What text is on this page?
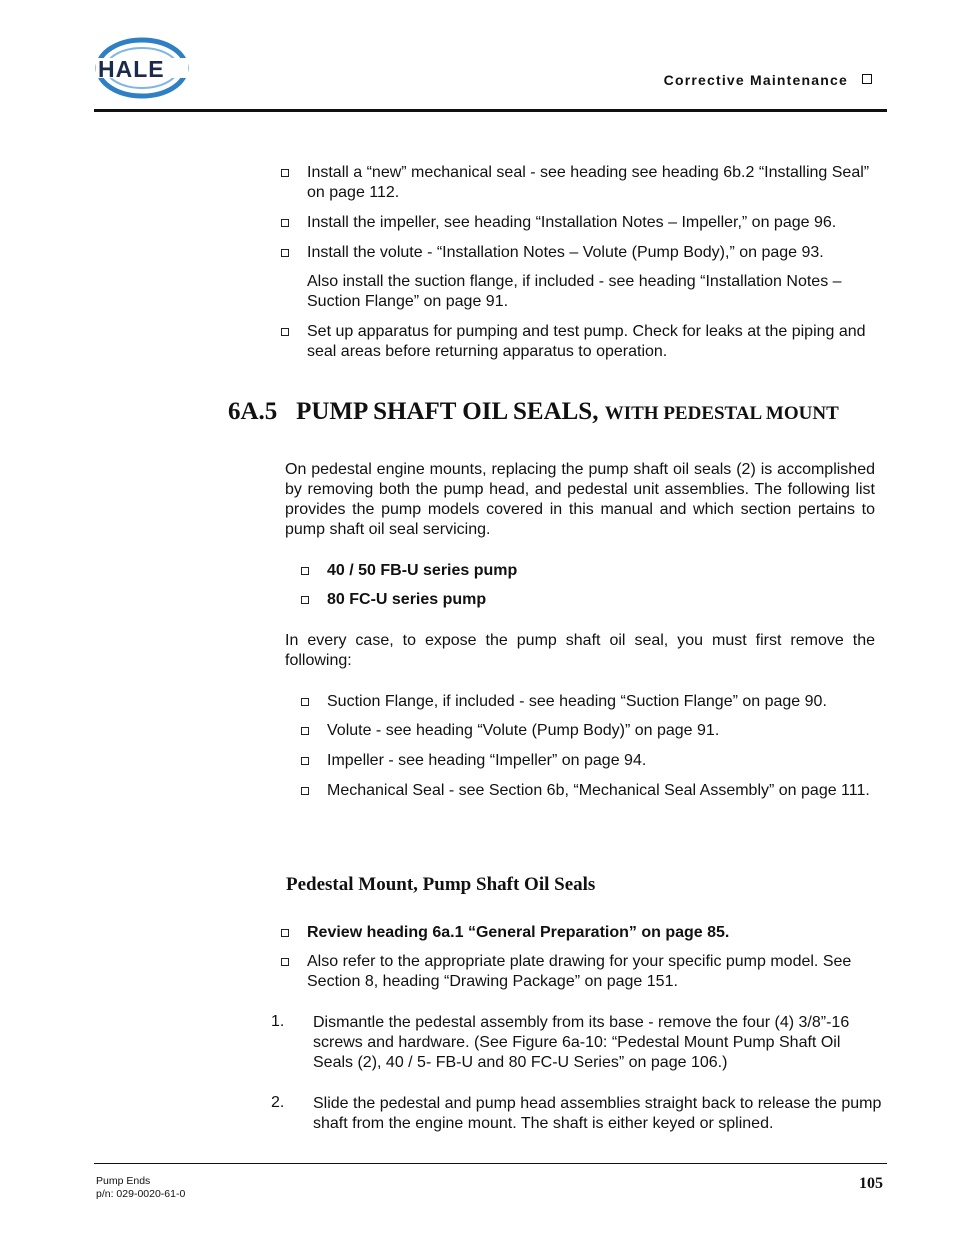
HALE	Corrective Maintenance
Install a “new” mechanical seal - see heading see heading 6b.2 “Installing Seal” on page 112.
Install the impeller, see heading “Installation Notes – Impeller,” on page 96.
Install the volute - “Installation Notes – Volute (Pump Body),” on page 93.
Also install the suction flange, if included - see heading “Installation Notes – Suction Flange” on page 91.
Set up apparatus for pumping and test pump. Check for leaks at the piping and seal areas before returning apparatus to operation.
6A.5 PUMP SHAFT OIL SEALS, WITH PEDESTAL MOUNT
On pedestal engine mounts, replacing the pump shaft oil seals (2) is accomplished by removing both the pump head, and pedestal unit assemblies. The following list provides the pump models covered in this manual and which section pertains to pump shaft oil seal servicing.
40 / 50 FB-U series pump
80 FC-U series pump
In every case, to expose the pump shaft oil seal, you must first remove the following:
Suction Flange, if included - see heading “Suction Flange” on page 90.
Volute - see heading “Volute (Pump Body)” on page 91.
Impeller - see heading “Impeller” on page 94.
Mechanical Seal - see Section 6b, “Mechanical Seal Assembly” on page 111.
Pedestal Mount, Pump Shaft Oil Seals
Review heading 6a.1 “General Preparation” on page 85.
Also refer to the appropriate plate drawing for your specific pump model. See Section 8, heading “Drawing Package” on page 151.
1. Dismantle the pedestal assembly from its base - remove the four (4) 3/8”-16 screws and hardware. (See Figure 6a-10: “Pedestal Mount Pump Shaft Oil Seals (2), 40 / 5- FB-U and 80 FC-U Series” on page 106.)
2. Slide the pedestal and pump head assemblies straight back to release the pump shaft from the engine mount. The shaft is either keyed or splined.
Pump Ends
p/n: 029-0020-61-0
105
